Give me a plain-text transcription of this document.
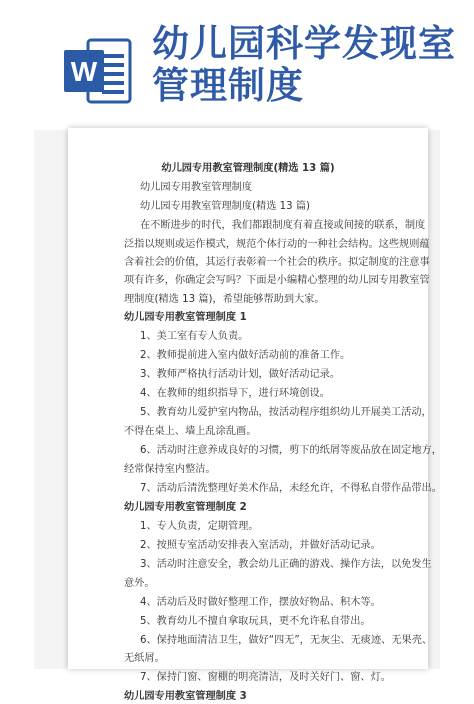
W
幼儿园科学发现室
管理制度
幼儿园专用教室管理制度(精选 13 篇)
幼儿园专用教室管理制度
幼儿园专用教室管理制度(精选 13 篇)
在不断进步的时代，我们都跟制度有着直接或间接的联系，制度
泛指以规则或运作模式，规范个体行动的一种社会结构。这些规则蕴
含着社会的价值，其运行表彰着一个社会的秩序。拟定制度的注意事
项有许多，你确定会写吗？下面是小编精心整理的幼儿园专用教室管
理制度(精选 13 篇)，希望能够帮助到大家。
幼儿园专用教室管理制度 1
1、美工室有专人负责。
2、教师提前进入室内做好活动前的准备工作。
3、教师严格执行活动计划，做好活动记录。
4、在教师的组织指导下，进行环境创设。
5、教育幼儿爱护室内物品，按活动程序组织幼儿开展美工活动，
不得在桌上、墙上乱涂乱画。
6、活动时注意养成良好的习惯，剪下的纸屑等废品放在固定地方，
经常保持室内整洁。
7、活动后清洗整理好美术作品，未经允许，不得私自带作品带出。
幼儿园专用教室管理制度 2
1、专人负责，定期管理。
2、按照专室活动安排表入室活动，并做好活动记录。
3、活动时注意安全，教会幼儿正确的游戏、操作方法，以免发生
意外。
4、活动后及时做好整理工作，摆放好物品、积木等。
5、教育幼儿不擅自拿取玩具，更不允许私自带出。
6、保持地面清洁卫生，做好“四无”，无灰尘、无痰迹、无果壳、
无纸屑。
7、保持门窗、窗棚的明亮清洁，及时关好门、窗、灯。
幼儿园专用教室管理制度 3
